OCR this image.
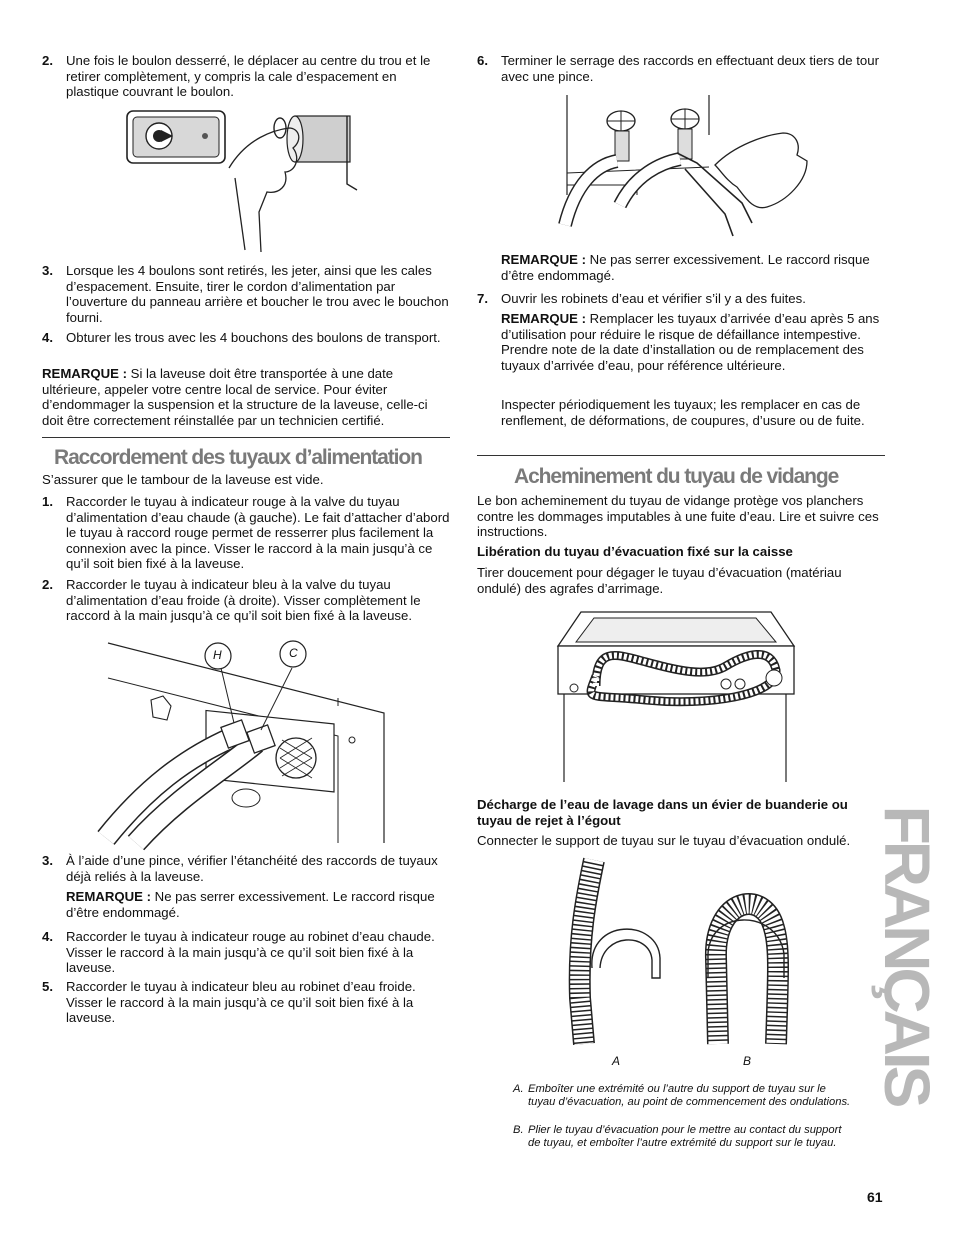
2. Une fois le boulon desserré, le déplacer au centre du trou et le retirer complètement, y compris la cale d’espacement en plastique couvrant le boulon.
3. Lorsque les 4 boulons sont retirés, les jeter, ainsi que les cales d’espacement. Ensuite, tirer le cordon d’alimentation par l’ouverture du panneau arrière et boucher le trou avec le bouchon fourni.
4. Obturer les trous avec les 4 bouchons des boulons de transport.
REMARQUE : Si la laveuse doit être transportée à une date ultérieure, appeler votre centre local de service. Pour éviter d’endommager la suspension et la structure de la laveuse, celle-ci doit être correctement réinstallée par un technicien certifié.
Raccordement des tuyaux d’alimentation
S’assurer que le tambour de la laveuse est vide.
1. Raccorder le tuyau à indicateur rouge à la valve du tuyau d’alimentation d’eau chaude (à gauche). Le fait d’attacher d’abord le tuyau à raccord rouge permet de resserrer plus facilement la connexion avec la pince. Visser le raccord à la main jusqu’à ce qu’il soit bien fixé à la laveuse.
2. Raccorder le tuyau à indicateur bleu à la valve du tuyau d’alimentation d’eau froide (à droite). Visser complètement le raccord à la main jusqu’à ce qu’il soit bien fixé à la laveuse.
H	C
3. À l’aide d’une pince, vérifier l’étanchéité des raccords de tuyaux déjà reliés à la laveuse.
REMARQUE : Ne pas serrer excessivement. Le raccord risque d’être endommagé.
4. Raccorder le tuyau à indicateur rouge au robinet d’eau chaude. Visser le raccord à la main jusqu’à ce qu’il soit bien fixé à la laveuse.
5. Raccorder le tuyau à indicateur bleu au robinet d’eau froide. Visser le raccord à la main jusqu’à ce qu’il soit bien fixé à la laveuse.
6. Terminer le serrage des raccords en effectuant deux tiers de tour avec une pince.
REMARQUE : Ne pas serrer excessivement. Le raccord risque d’être endommagé.
7. Ouvrir les robinets d’eau et vérifier s’il y a des fuites.
REMARQUE : Remplacer les tuyaux d’arrivée d’eau après 5 ans d’utilisation pour réduire le risque de défaillance intempestive. Prendre note de la date d’installation ou de remplacement des tuyaux d’arrivée d’eau, pour référence ultérieure.
Inspecter périodiquement les tuyaux; les remplacer en cas de renflement, de déformations, de coupures, d’usure ou de fuite.
Acheminement du tuyau de vidange
Le bon acheminement du tuyau de vidange protège vos planchers contre les dommages imputables à une fuite d’eau. Lire et suivre ces instructions.
Libération du tuyau d’évacuation fixé sur la caisse
Tirer doucement pour dégager le tuyau d’évacuation (matériau ondulé) des agrafes d’arrimage.
Décharge de l’eau de lavage dans un évier de buanderie ou tuyau de rejet à l’égout
Connecter le support de tuyau sur le tuyau d’évacuation ondulé.
A	B
A. Emboîter une extrémité ou l’autre du support de tuyau sur le tuyau d’évacuation, au point de commencement des ondulations.
B. Plier le tuyau d’évacuation pour le mettre au contact du support de tuyau, et emboîter l’autre extrémité du support sur le tuyau.
FRANÇAIS
61
